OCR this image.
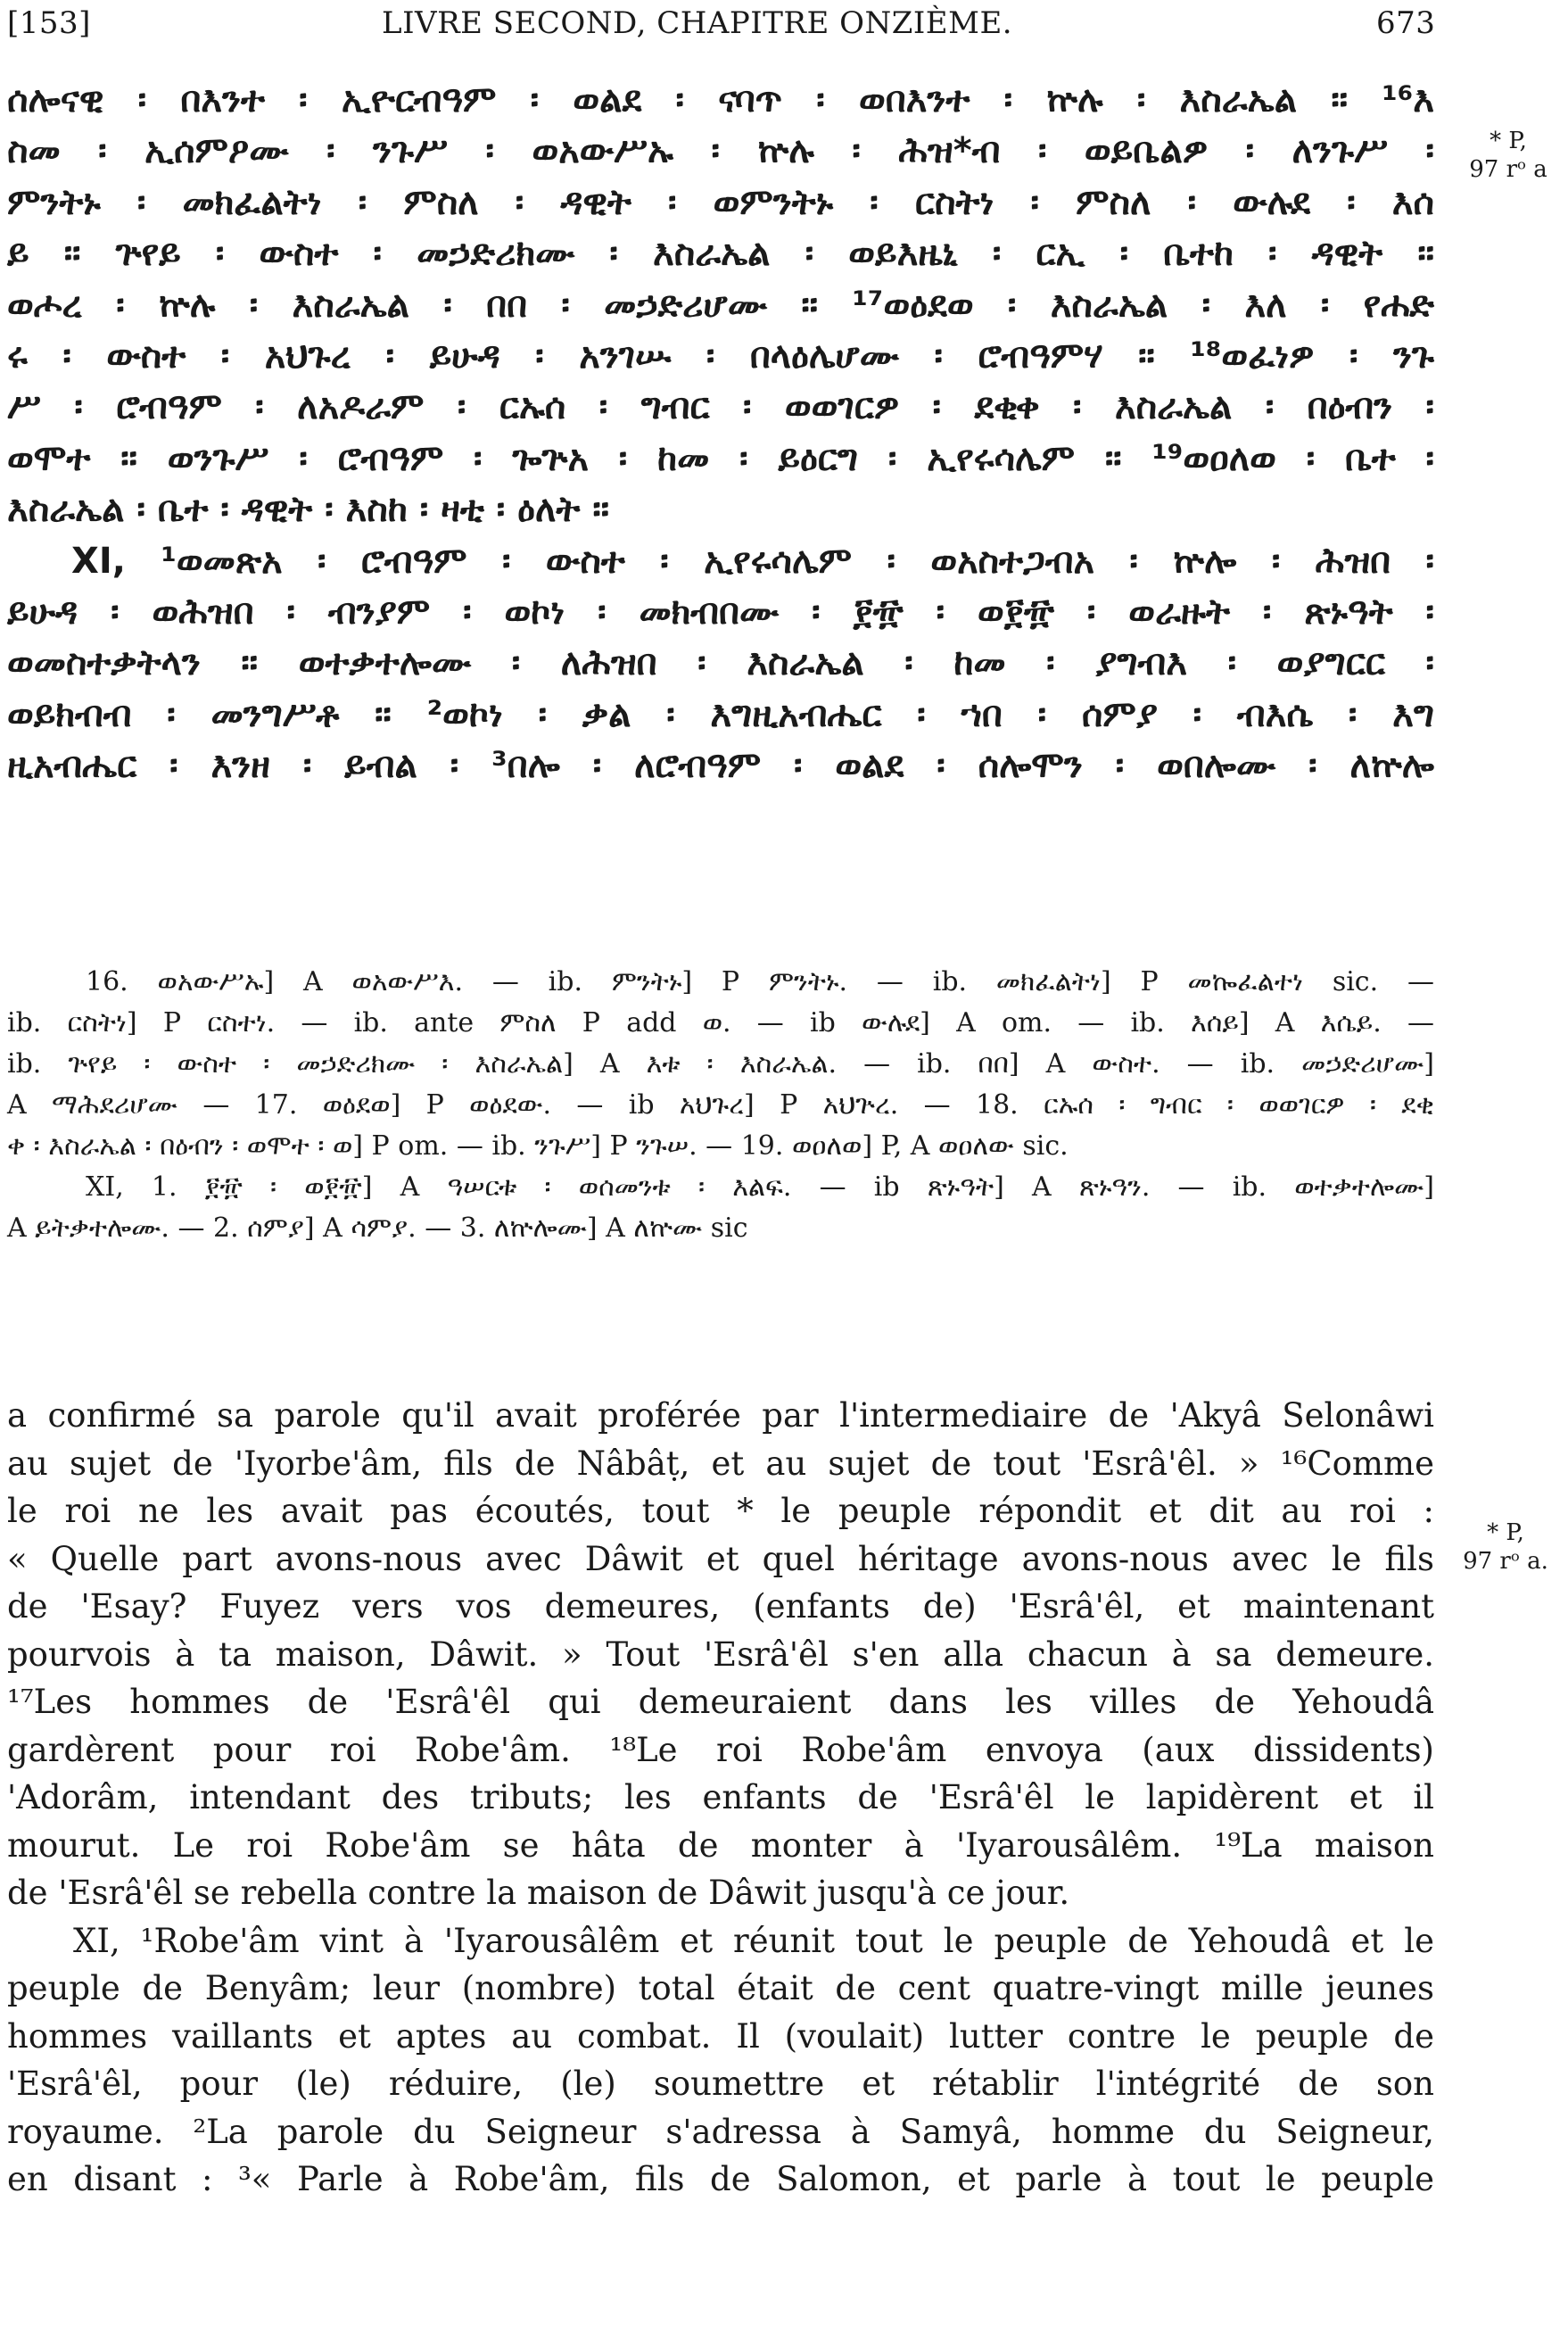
[153]	LIVRE SECOND, CHAPITRE ONZIÈME.	673
* P,
97 rᵒ a

ሰሎናዊ ፡ በእንተ ፡ ኢዮርብዓም ፡ ወልደ ፡ ናባጥ ፡ ወበእንተ ፡ ኵሉ ፡ እስራኤል ። ¹⁶እ

ስመ ፡ ኢሰምዖሙ ፡ ንጉሥ ፡ ወአውሥኡ ፡ ኵሉ ፡ ሕዝ*ብ ፡ ወይቤልዎ ፡ ለንጉሥ ፡

ምንትኑ ፡ መክፈልትነ ፡ ምስለ ፡ ዳዊት ፡ ወምንትኑ ፡ ርስትነ ፡ ምስለ ፡ ውሉደ ፡ እሰ

ይ ። ጕየይ ፡ ውስተ ፡ መኃድሪክሙ ፡ እስራኤል ፡ ወይእዜኒ ፡ ርኢ ፡ ቤተከ ፡ ዳዊት ።

ወሖረ ፡ ኵሉ ፡ እስራኤል ፡ በበ ፡ መኃድሪሆሙ ። ¹⁷ወዕደወ ፡ እስራኤል ፡ እለ ፡ የሐድ

ሩ ፡ ውስተ ፡ አህጉረ ፡ ይሁዳ ፡ አንገሡ ፡ በላዕሌሆሙ ፡ ሮብዓምሃ ። ¹⁸ወፈነዎ ፡ ንጉ

ሥ ፡ ሮብዓም ፡ ለአዶራም ፡ ርኡሰ ፡ ግብር ፡ ወወገርዎ ፡ ደቂቀ ፡ እስራኤል ፡ በዕብን ፡

ወሞተ ። ወንጉሥ ፡ ሮብዓም ፡ ጐጕአ ፡ ከመ ፡ ይዕርግ ፡ ኢየሩሳሌም ። ¹⁹ወዐለወ ፡ ቤተ ፡

እስራኤል ፡ ቤተ ፡ ዳዊት ፡ እስከ ፡ ዛቲ ፡ ዕለት ።

XI, ¹ወመጽአ ፡ ሮብዓም ፡ ውስተ ፡ ኢየሩሳሌም ፡ ወአስተጋብአ ፡ ኵሎ ፡ ሕዝበ ፡

ይሁዳ ፡ ወሕዝበ ፡ ብንያም ፡ ወኮነ ፡ መክብበሙ ፡ ፻፹ ፡ ወ፻፹ ፡ ወራዙት ፡ ጽኑዓት ፡

ወመስተቃትላን ። ወተቃተሎሙ ፡ ለሕዝበ ፡ እስራኤል ፡ ከመ ፡ ያግብእ ፡ ወያግርር ፡

ወይክብብ ፡ መንግሥቶ ። ²ወኮነ ፡ ቃል ፡ እግዚአብሔር ፡ ኀበ ፡ ሰምያ ፡ ብእሴ ፡ እግ

ዚአብሔር ፡ እንዘ ፡ ይብል ፡ ³በሎ ፡ ለሮብዓም ፡ ወልደ ፡ ሰሎሞን ፡ ወበሎሙ ፡ ለኵሎ

16. ወአውሥኡ] A ወአውሥእ. — ib. ምንትኑ] P ምንትኑ. — ib. መክፈልትነ] P መኰፈልተነ sic. —

ib. ርስትነ] P ርስተነ. — ib. ante ምስለ P add ወ. — ib ውሉደ] A om. — ib. እሰይ] A እሴይ. —

ib. ጕየይ ፡ ውስተ ፡ መኃድሪክሙ ፡ እስራኤል] A እቱ ፡ እስራኤል. — ib. በበ] A ውስተ. — ib. መኃድሪሆሙ]

A ማሕደሪሆሙ — 17. ወዕደወ] P ወዕደው. — ib አህጉረ] P አህጕረ. — 18. ርኡሰ ፡ ግብር ፡ ወወገርዎ ፡ ደቂ

ቀ ፡ እስራኤል ፡ በዕብን ፡ ወሞተ ፡ ወ] P om. — ib. ንጉሥ] P ንጉሠ. — 19. ወዐለወ] P, A ወዐለው sic.

XI, 1. ፻፹ ፡ ወ፻፹] A ዓሠርቱ ፡ ወሰመንቱ ፡ እልፍ. — ib ጽኑዓት] A ጽኑዓን. — ib. ወተቃተሎሙ]

A ይትቃተሎሙ. — 2. ሰምያ] A ሳምያ. — 3. ለኵሎሙ] A ለኵሙ sic

* P,
97 rᵒ a.

a confirmé sa parole qu'il avait proférée par l'intermediaire de 'Akyâ Selonâwi

au sujet de 'Iyorbe'âm, fils de Nâbâṭ, et au sujet de tout 'Esrâ'êl. » ¹⁶Comme

le roi ne les avait pas écoutés, tout * le peuple répondit et dit au roi :

« Quelle part avons-nous avec Dâwit et quel héritage avons-nous avec le fils

de 'Esay? Fuyez vers vos demeures, (enfants de) 'Esrâ'êl, et maintenant

pourvois à ta maison, Dâwit. » Tout 'Esrâ'êl s'en alla chacun à sa demeure.

¹⁷Les hommes de 'Esrâ'êl qui demeuraient dans les villes de Yehoudâ

gardèrent pour roi Robe'âm. ¹⁸Le roi Robe'âm envoya (aux dissidents)

'Adorâm, intendant des tributs; les enfants de 'Esrâ'êl le lapidèrent et il

mourut. Le roi Robe'âm se hâta de monter à 'Iyarousâlêm. ¹⁹La maison

de 'Esrâ'êl se rebella contre la maison de Dâwit jusqu'à ce jour.

XI, ¹Robe'âm vint à 'Iyarousâlêm et réunit tout le peuple de Yehoudâ et le

peuple de Benyâm; leur (nombre) total était de cent quatre-vingt mille jeunes

hommes vaillants et aptes au combat. Il (voulait) lutter contre le peuple de

'Esrâ'êl, pour (le) réduire, (le) soumettre et rétablir l'intégrité de son

royaume. ²La parole du Seigneur s'adressa à Samyâ, homme du Seigneur,

en disant : ³« Parle à Robe'âm, fils de Salomon, et parle à tout le peuple
